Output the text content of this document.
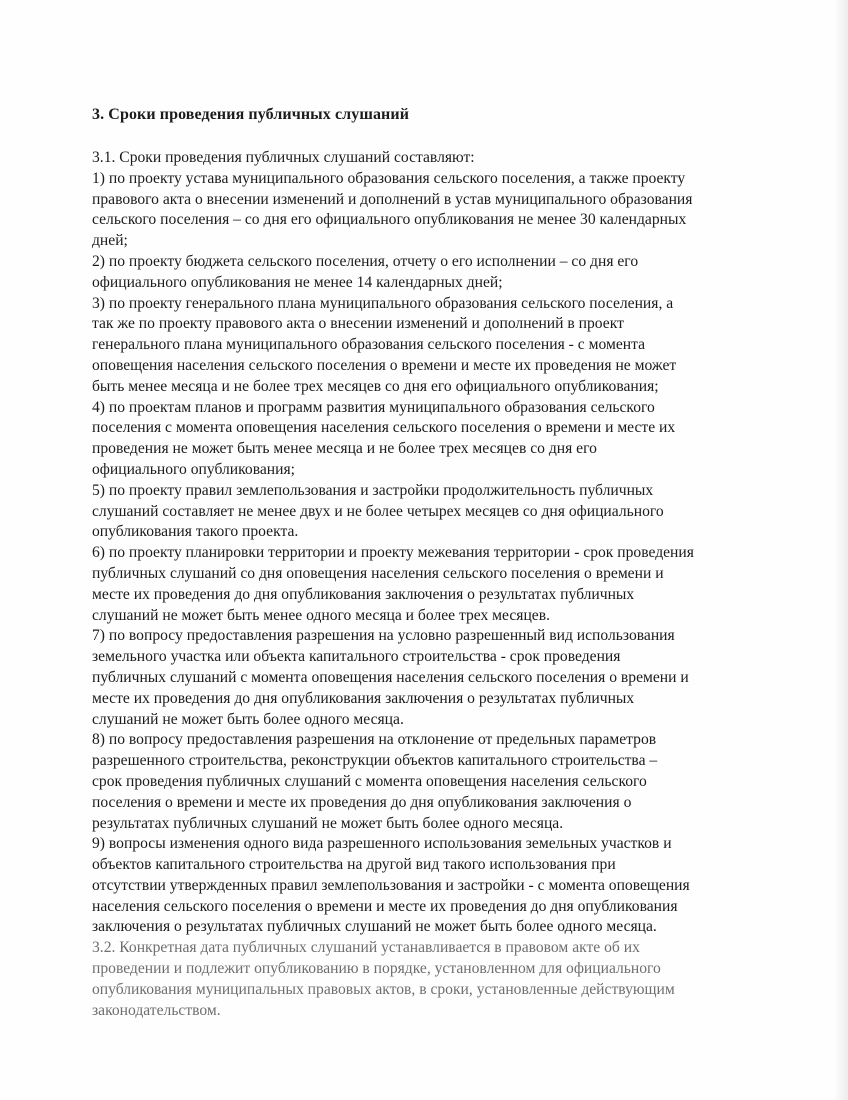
3. Сроки проведения публичных слушаний
3.1. Сроки проведения публичных слушаний составляют:
1) по проекту устава муниципального образования сельского поселения, а также проекту
правового акта о внесении изменений и дополнений в устав муниципального образования
сельского поселения – со дня его официального опубликования не менее 30 календарных
дней;
2) по проекту бюджета сельского поселения, отчету о его исполнении – со дня его
официального опубликования не менее 14 календарных дней;
3) по проекту генерального плана муниципального образования сельского поселения, а
так же по проекту правового акта о внесении изменений и дополнений в проект
генерального плана муниципального образования сельского поселения - с момента
оповещения населения сельского поселения о времени и месте их проведения не может
быть менее месяца и не более трех месяцев со дня его официального опубликования;
4) по проектам планов и программ развития муниципального образования сельского
поселения с момента оповещения населения сельского поселения о времени и месте их
проведения не может быть менее месяца и не более трех месяцев со дня его
официального опубликования;
5) по проекту правил землепользования и застройки продолжительность публичных
слушаний составляет не менее двух и не более четырех месяцев со дня официального
опубликования такого проекта.
6) по проекту планировки территории и проекту межевания территории - срок проведения
публичных слушаний со дня оповещения населения сельского поселения о времени и
месте их проведения до дня опубликования заключения о результатах публичных
слушаний не может быть менее одного месяца и более трех месяцев.
7) по вопросу предоставления разрешения на условно разрешенный вид использования
земельного участка или объекта капитального строительства - срок проведения
публичных слушаний с момента оповещения населения сельского поселения о времени и
месте их проведения до дня опубликования заключения о результатах публичных
слушаний не может быть более одного месяца.
8) по вопросу предоставления разрешения на отклонение от предельных параметров
разрешенного строительства, реконструкции объектов капитального строительства –
срок проведения публичных слушаний с момента оповещения населения сельского
поселения о времени и месте их проведения до дня опубликования заключения о
результатах публичных слушаний не может быть более одного месяца.
9) вопросы изменения одного вида разрешенного использования земельных участков и
объектов капитального строительства на другой вид такого использования при
отсутствии утвержденных правил землепользования и застройки - с момента оповещения
населения сельского поселения о времени и месте их проведения до дня опубликования
заключения о результатах публичных слушаний не может быть более одного месяца.
3.2. Конкретная дата публичных слушаний устанавливается в правовом акте об их
проведении и подлежит опубликованию в порядке, установленном для официального
опубликования муниципальных правовых актов, в сроки, установленные действующим
законодательством.
